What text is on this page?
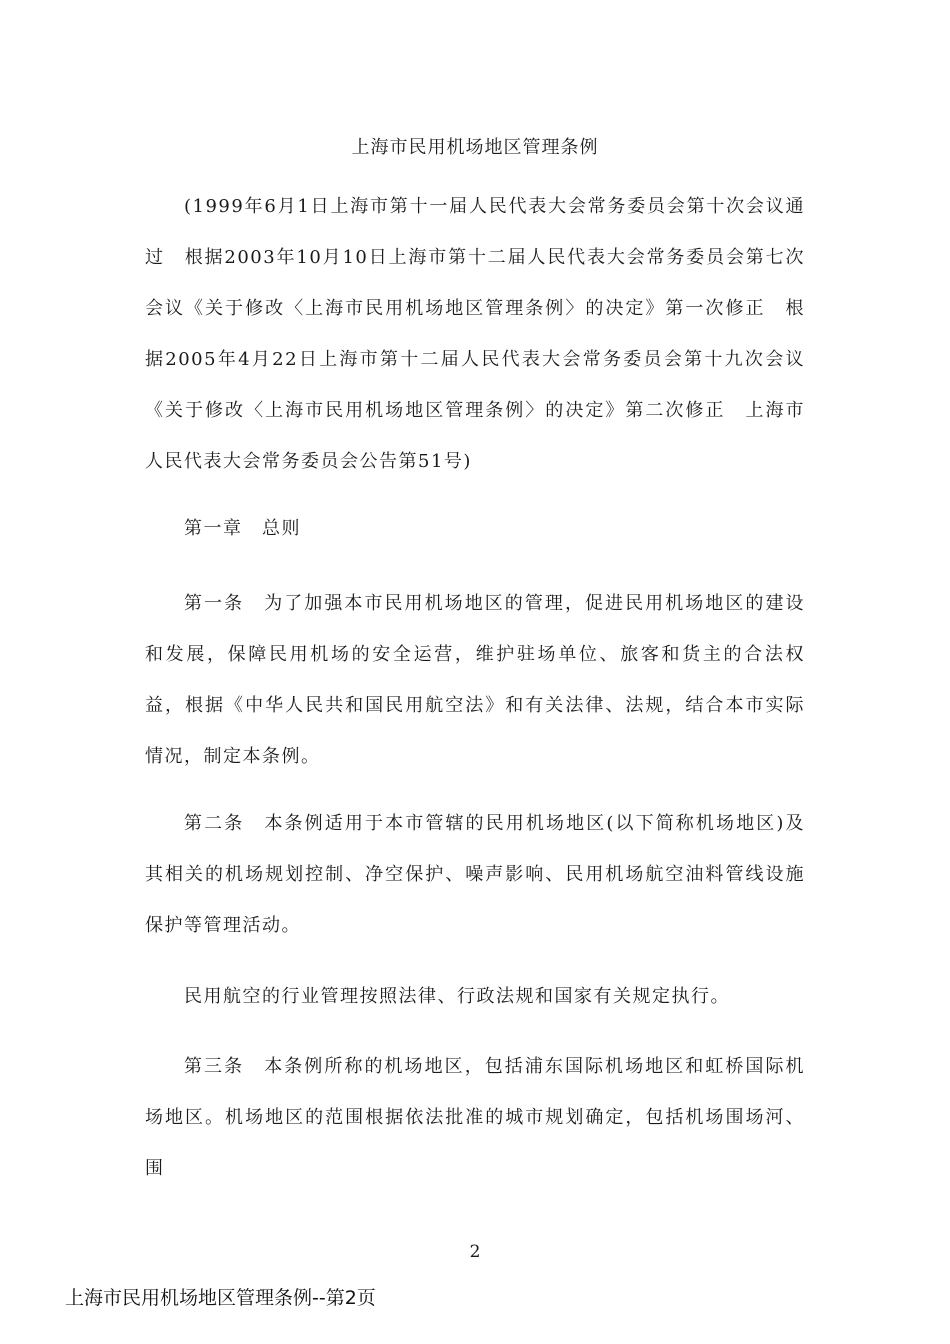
上海市民用机场地区管理条例

(1999年6月1日上海市第十一届人民代表大会常务委员会第十次会议通过　根据2003年10月10日上海市第十二届人民代表大会常务委员会第七次会议《关于修改〈上海市民用机场地区管理条例〉的决定》第一次修正　根据2005年4月22日上海市第十二届人民代表大会常务委员会第十九次会议《关于修改〈上海市民用机场地区管理条例〉的决定》第二次修正　上海市人民代表大会常务委员会公告第51号)

第一章　总则

第一条　为了加强本市民用机场地区的管理，促进民用机场地区的建设和发展，保障民用机场的安全运营，维护驻场单位、旅客和货主的合法权益，根据《中华人民共和国民用航空法》和有关法律、法规，结合本市实际情况，制定本条例。

第二条　本条例适用于本市管辖的民用机场地区(以下简称机场地区)及其相关的机场规划控制、净空保护、噪声影响、民用机场航空油料管线设施保护等管理活动。

民用航空的行业管理按照法律、行政法规和国家有关规定执行。

第三条　本条例所称的机场地区，包括浦东国际机场地区和虹桥国际机场地区。机场地区的范围根据依法批准的城市规划确定，包括机场围场河、围

2
上海市民用机场地区管理条例--第2页
